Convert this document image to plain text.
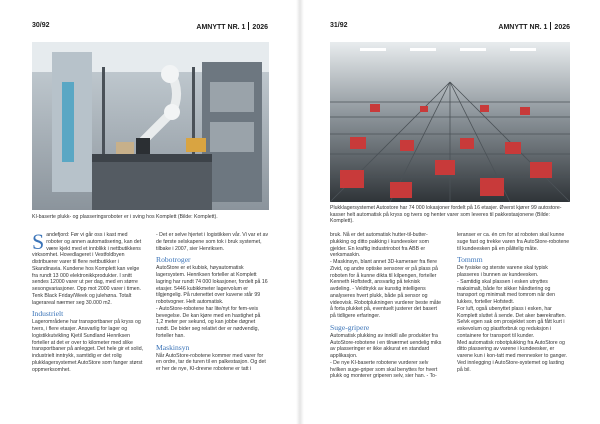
30/92	AMNYTT NR. 1 2026
KI-baserte plukk- og plasseringsroboter er i sving hos Komplett (Bilde: Komplett).

Sandefjord: Før vi går oss i kast med roboter og annen automatisering, kan det være kjekt med et innblikk i nettbutikkens virksomhet. Hovedlageret i Vestfoldbyen distribuerer varer til flere nettbutikker i Skandinavia. Kundene hos Komplett kan velge fra rundt 13 000 elektronikkprodukter. I snitt sendes 12000 varer ut per dag, med en større sesongvariasjoner. Opp mot 2000 varer i timen. Tenk Black Friday/Week og julehøna. Totalt lagerareal nærmer seg 30.000 m2.

Industrielt

Lagerområdene har transportbaner på kryss og tvers, i flere etasjer. Ansvarlig for lager og logistikkutvikling Kjetil Sundland Henriksen forteller at det er over to kilometer med slike transportbaner på anlegget. Det hele gir et solid, industrielt inntrykk, samtidig er det rolig plukklagersystemet AutoStore som fanger størst oppmerksomhet.

- Det er selve hjertet i logistikken vår. Vi var et av de første selskapene som tok i bruk systemet, tilbake i 2007, sier Henriksen.

Robotroger

AutoStore er et kubisk, høyautomatisk lagersystem. Henriksen forteller at Komplett lagring har rundt 74 000 lokasjoner, fordelt på 16 etasjer. 5446 kubikkmeter lagervolum er tilgjengelig. På rutenettet over kuvene står 99 robotvogner. Helt automatisk.

- AutoStore-robotene har lite/nyt for fem-veis bevegelse. De kan kjøre med en hastighet på 1,2 meter per sekund, og kan jobbe døgnet rundt. De bider seg relativt der er nødvendig, forteller han.

Maskinsyn

Når AutoStore-robotene kommer med varer for en ordre, tar de turen til en palkestasjon. Og det er her de nye, KI-drevne robotene er tatt i

31/92	AMNYTT NR. 1 2026
Plukklagersystemet Autostore har 74 000 lokasjoner fordelt på 16 etasjer. Øverst kjører 99 autostore-kasser helt automatisk på kryss og tvers og henter varer som leveres til pakkestasjonene (Bilde: Komplett).

bruk. Nå er det automatisk hutter-til-butter-plukking og ditto pakking i kundeesker som gjelder. En kraftig industrirobot fra ABB er verksmaskin.

- Maskinsyn, blant annet 3D-kameraer fra flere Zivid, og andre optiske sensorer er på plass på roboten for å kunne dikta til kilpengen, forteller Kenneth Hoftstedt, ansvarlig på teknisk avdeling. - Veldtrykk av kunstig intelligens analyseres hvert plukk, både på sensor og videovisk. Robotplukningen vurderer beste måte å forta plukket på, eventuelt justerer det basert på tidligere erfaringer.

Suge-gripere

Automatisk plukking av innkill alle produkter fra AutoStore-robotene i en tilnærmet uendelig miks av plasseringer er ikke akkurat en standard applikasjon.

- De nye KI-baserte robotene vurderer selv hvilken suge-griper som skal benyttes for hvert plukk og monterer griperen selv, sier han. - To-

leranser er ca. én cm for at roboten skal kunne suge fast og trekke varen fra AutoStore-robotene til kundeesken på en pålitelig måte.

Tommm

De fysiske og sterste varene skal typisk plasseres i bunnen av kundeesken.

- Samtidig skal plassen i esken utnyttes maksimalt, både for sikker håndtering og transport og minimalt med tomrom når den lukkes, forteller Hofstedt.

For luft, også ubenyttet plass i esken, har Komplett sluttet å sende. Det aker bærekraften. Selvk egen sak om prosjektet som gå fått kurt i eskevolum og plastforbruk og reduksjon i containere for transport til kunder.

Med automatisk robotplukking fra AutoStore og ditto plassering av varene i kundeesker, er varene kun i kon-tatt med mennesker to ganger. Ved innlegging i AutoStore-systemet og lasting på bil.
